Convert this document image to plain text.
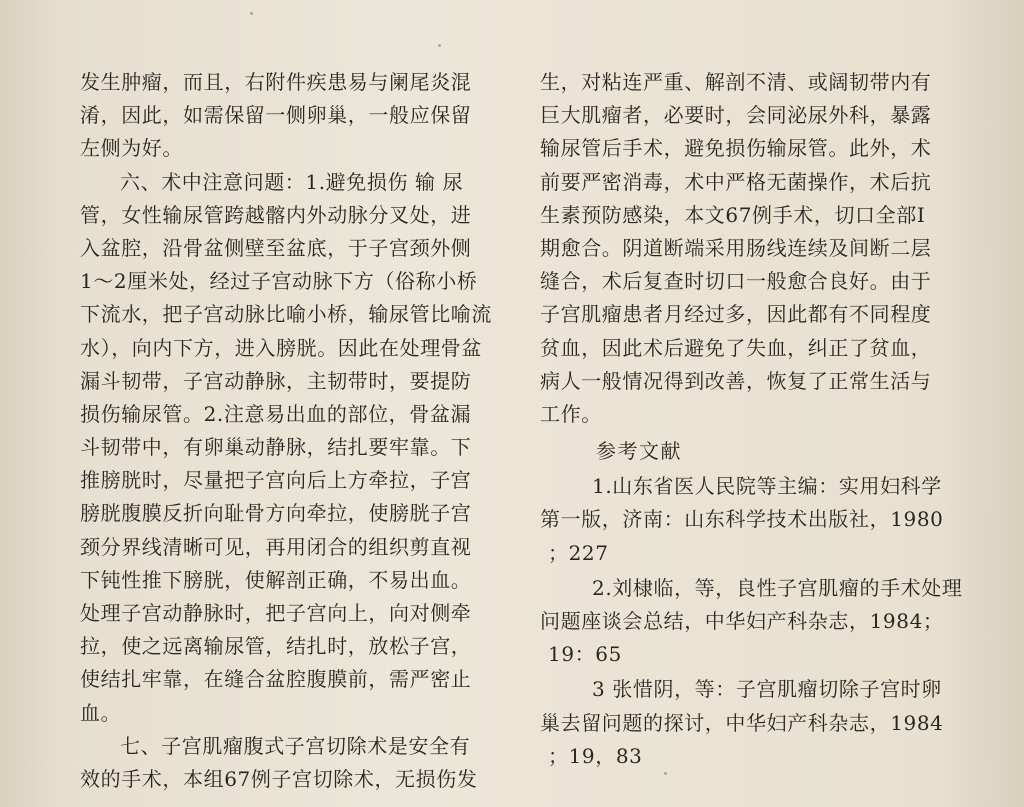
发生肿瘤，而且，右附件疾患易与阑尾炎混
淆，因此，如需保留一侧卵巢，一般应保留
左侧为好。
六、术中注意问题：1.避免损伤 输 尿
管，女性输尿管跨越髂内外动脉分叉处，进
入盆腔，沿骨盆侧壁至盆底，于子宫颈外侧
1～2厘米处，经过子宫动脉下方（俗称小桥
下流水，把子宫动脉比喻小桥，输尿管比喻流
水），向内下方，进入膀胱。因此在处理骨盆
漏斗韧带，子宫动静脉，主韧带时，要提防
损伤输尿管。2.注意易出血的部位，骨盆漏
斗韧带中，有卵巢动静脉，结扎要牢靠。下
推膀胱时，尽量把子宫向后上方牵拉，子宫
膀胱腹膜反折向耻骨方向牵拉，使膀胱子宫
颈分界线清晰可见，再用闭合的组织剪直视
下钝性推下膀胱，使解剖正确，不易出血。
处理子宫动静脉时，把子宫向上，向对侧牵
拉，使之远离输尿管，结扎时，放松子宫，
使结扎牢靠，在缝合盆腔腹膜前，需严密止
血。
七、子宫肌瘤腹式子宫切除术是安全有
效的手术，本组67例子宫切除术，无损伤发
生，对粘连严重、解剖不清、或阔韧带内有
巨大肌瘤者，必要时，会同泌尿外科，暴露
输尿管后手术，避免损伤输尿管。此外，术
前要严密消毒，术中严格无菌操作，术后抗
生素预防感染，本文67例手术，切口全部Ⅰ
期愈合。阴道断端采用肠线连续及间断二层
缝合，术后复查时切口一般愈合良好。由于
子宫肌瘤患者月经过多，因此都有不同程度
贫血，因此术后避免了失血，纠正了贫血，
病人一般情况得到改善，恢复了正常生活与
工作。
参考文献
1.山东省医人民院等主编：实用妇科学
第一版，济南：山东科学技术出版社，1980
；227
2.刘棣临，等，良性子宫肌瘤的手术处理
问题座谈会总结，中华妇产科杂志，1984；
19：65
3 张惜阴，等：子宫肌瘤切除子宫时卵
巢去留问题的探讨，中华妇产科杂志，1984
；19，83
